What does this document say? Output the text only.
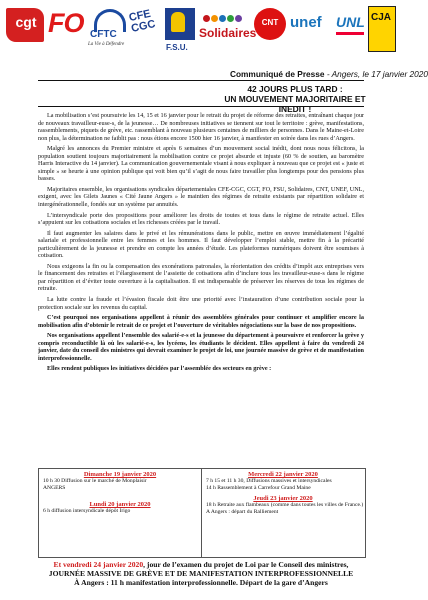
cgt FO CFTC
La Vie à Défendre
CFE CGC
F.S.U.
Solidaires
CNT unef UNL CJA
Communiqué de Presse - Angers, le 17 janvier 2020
42 JOURS PLUS TARD :
UN MOUVEMENT MAJORITAIRE ET INEDIT !

La mobilisation s’est poursuivie les 14, 15 et 16 janvier pour le retrait du projet de réforme des retraites, entraînant chaque jour de nouveaux travailleur-euse-s, de la jeunesse… De nombreuses initiatives se tiennent sur tout le territoire : grève, manifestations, rassemblements, piquets de grève, etc. rassemblant à nouveau plusieurs centaines de milliers de personnes. Dans le Maine-et-Loire non plus, la détermination ne faiblit pas : nous étions encore 1500 hier 16 janvier, à manifester en soirée dans les rues d’Angers.

Malgré les annonces du Premier ministre et après 6 semaines d’un mouvement social inédit, dont nous nous félicitons, la population soutient toujours majoritairement la mobilisation contre ce projet absurde et injuste (60 % de soutien, au baromètre Harris Interactive du 14 janvier). La communication gouvernementale visant à nous expliquer à nouveau que ce projet est « juste et simple » se heurte à une opinion publique qui voit bien qu’il s’agit de nous faire travailler plus longtemps pour des pensions plus basses.

Majoritaires ensemble, les organisations syndicales départementales CFE-CGC, CGT, FO, FSU, Solidaires, CNT, UNEF, UNL, exigent, avec les Gilets Jaunes « Cité Jaune Angers » le maintien des régimes de retraite existants par répartition solidaire et intergénérationnelle, fondés sur un système par annuités.

L’intersyndicale porte des propositions pour améliorer les droits de toutes et tous dans le régime de retraite actuel. Elles s’appuient sur les cotisations sociales et les richesses créées par le travail.

Il faut augmenter les salaires dans le privé et les rémunérations dans le public, mettre en œuvre immédiatement l’égalité salariale et professionnelle entre les femmes et les hommes. Il faut développer l’emploi stable, mettre fin à la précarité particulièrement de la jeunesse et prendre en compte les années d’étude. Les plateformes numériques doivent être soumises à cotisation.

Nous exigeons la fin ou la compensation des exonérations patronales, la réorientation des crédits d’impôt aux entreprises vers le financement des retraites et l’élargissement de l’assiette de cotisations afin d’inclure tous les travailleur-euse-s dans le régime par répartition et d’éviter toute ouverture à la capitalisation. Il est indispensable de préserver les réserves de tous les régimes de retraite.

La lutte contre la fraude et l’évasion fiscale doit être une priorité avec l’instauration d’une contribution sociale pour la protection sociale sur les revenus du capital.

C’est pourquoi nos organisations appellent à réunir des assemblées générales pour continuer et amplifier encore la mobilisation afin d’obtenir le retrait de ce projet et l’ouverture de véritables négociations sur la base de nos propositions.

Nos organisations appellent l’ensemble des salarié-e-s et la jeunesse du département à poursuivre et renforcer la grève y compris reconductible là où les salarié-e-s, les lycéens, les étudiants le décident. Elles appellent à faire du vendredi 24 janvier, date du conseil des ministres qui devrait examiner le projet de loi, une journée massive de grève et de manifestation interprofessionnelle.

Elles rendent publiques les initiatives décidées par l’assemblée des secteurs en grève :

Dimanche 19 janvier 2020
10 h 30 Diffusion sur le marché de Monplaisir
ANGERS
Lundi 20 janvier 2020
6 h diffusion intersyndicale dépôt Irigo
Mercredi 22 janvier 2020
7 h 15 et 11 h 30, Diffusions massives et intersyndicales
14 h Rassemblement à Carrefour Grand Maine
Jeudi 23 janvier 2020
18 h Retraite aux flambeaux (comme dans toutes les villes de France.) A Angers : départ du Ralliement
Et vendredi 24 janvier 2020, jour de l’examen du projet de Loi par le Conseil des ministres,
JOURNÉE MASSIVE DE GRÈVE ET DE MANIFESTATION INTERPROFESSIONNELLE
À Angers : 11 h manifestation interprofessionnelle. Départ de la gare d’Angers
